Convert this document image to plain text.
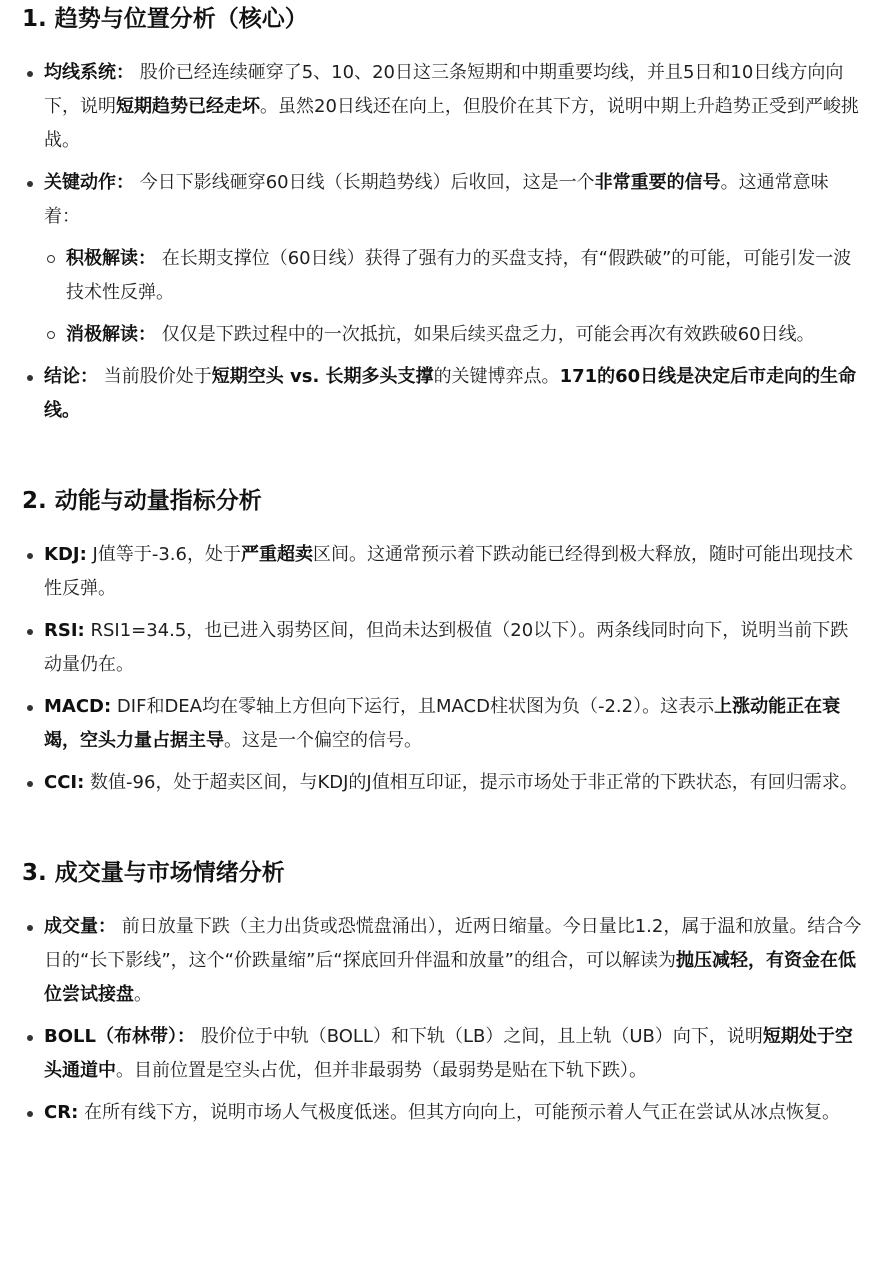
1. 趋势与位置分析（核心）
均线系统： 股价已经连续砸穿了5、10、20日这三条短期和中期重要均线，并且5日和10日线方向向下，说明短期趋势已经走坏。虽然20日线还在向上，但股价在其下方，说明中期上升趋势正受到严峻挑战。
关键动作： 今日下影线砸穿60日线（长期趋势线）后收回，这是一个非常重要的信号。这通常意味着：
积极解读： 在长期支撑位（60日线）获得了强有力的买盘支持，有“假跌破”的可能，可能引发一波技术性反弹。
消极解读： 仅仅是下跌过程中的一次抵抗，如果后续买盘乏力，可能会再次有效跌破60日线。
结论： 当前股价处于短期空头 vs. 长期多头支撑的关键博弈点。171的60日线是决定后市走向的生命线。
2. 动能与动量指标分析
KDJ: J值等于-3.6，处于严重超卖区间。这通常预示着下跌动能已经得到极大释放，随时可能出现技术性反弹。
RSI: RSI1=34.5，也已进入弱势区间，但尚未达到极值（20以下）。两条线同时向下，说明当前下跌动量仍在。
MACD: DIF和DEA均在零轴上方但向下运行，且MACD柱状图为负（-2.2）。这表示上涨动能正在衰竭，空头力量占据主导。这是一个偏空的信号。
CCI: 数值-96，处于超卖区间，与KDJ的J值相互印证，提示市场处于非正常的下跌状态，有回归需求。
3. 成交量与市场情绪分析
成交量： 前日放量下跌（主力出货或恐慌盘涌出），近两日缩量。今日量比1.2，属于温和放量。结合今日的“长下影线”，这个“价跌量缩”后“探底回升伴温和放量”的组合，可以解读为抛压减轻，有资金在低位尝试接盘。
BOLL（布林带）： 股价位于中轨（BOLL）和下轨（LB）之间，且上轨（UB）向下，说明短期处于空头通道中。目前位置是空头占优，但并非最弱势（最弱势是贴在下轨下跌）。
CR: 在所有线下方，说明市场人气极度低迷。但其方向向上，可能预示着人气正在尝试从冰点恢复。
